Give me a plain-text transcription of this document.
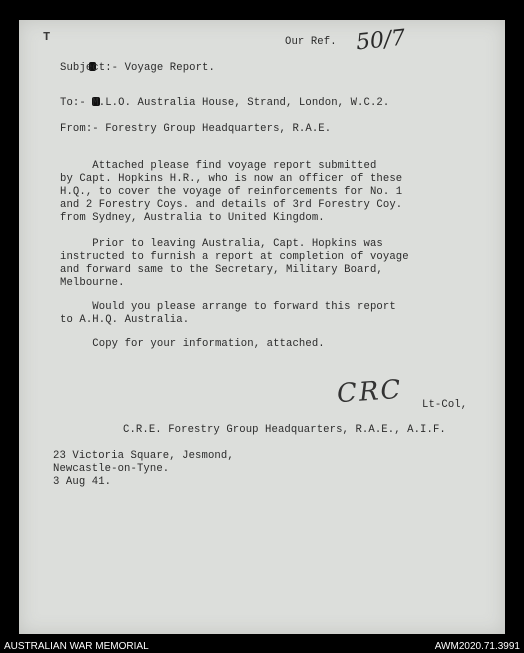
T	Our Ref. 50/7
Subject:- Voyage Report.
To:- M.L.O. Australia House, Strand, London, W.C.2.
From:- Forestry Group Headquarters, R.A.E.
Attached please find voyage report submitted
by Capt. Hopkins H.R., who is now an officer of these
H.Q., to cover the voyage of reinforcements for No. 1
and 2 Forestry Coys. and details of 3rd Forestry Coy.
from Sydney, Australia to United Kingdom.
Prior to leaving Australia, Capt. Hopkins was
instructed to furnish a report at completion of voyage
and forward same to the Secretary, Military Board,
Melbourne.
Would you please arrange to forward this report
to A.H.Q. Australia.
Copy for your information, attached.
CRC Lt-Col,
C.R.E. Forestry Group Headquarters, R.A.E., A.I.F.
23 Victoria Square, Jesmond,
Newcastle-on-Tyne.
3 Aug 41.
AUSTRALIAN WAR MEMORIAL	AWM2020.71.3991
